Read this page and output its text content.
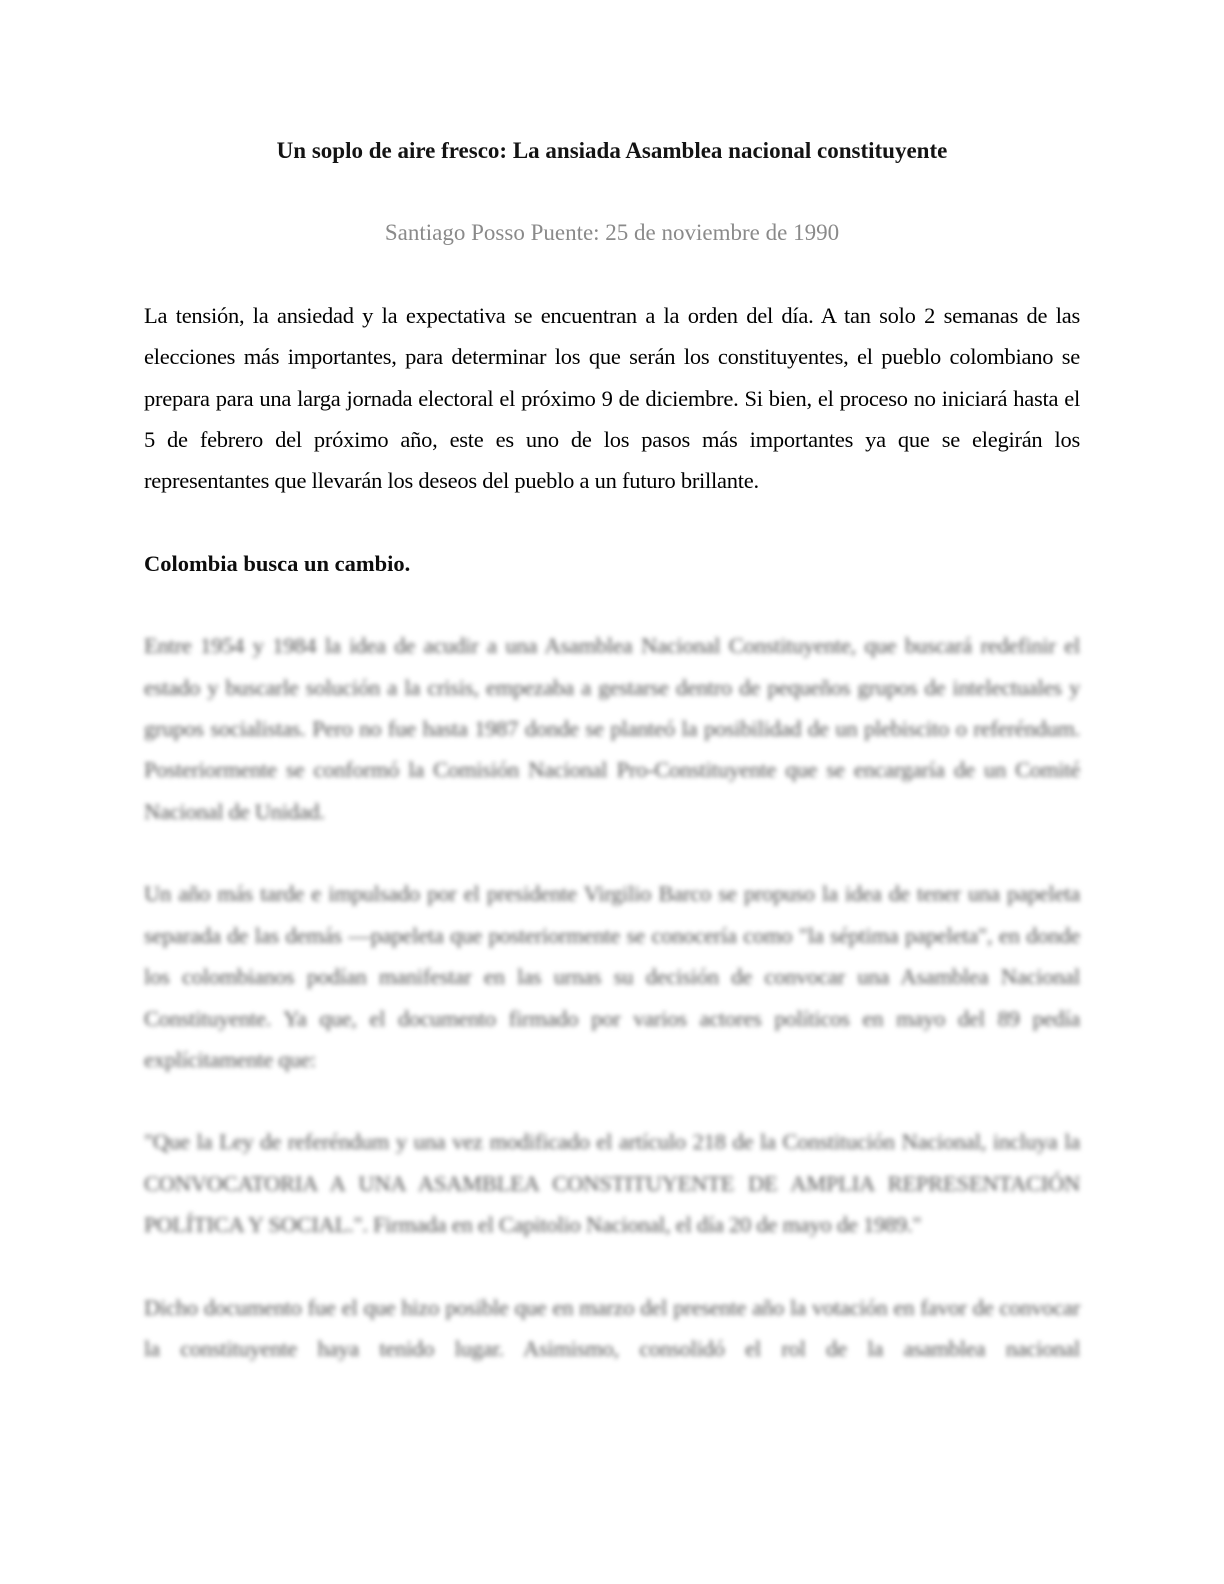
Un soplo de aire fresco: La ansiada Asamblea nacional constituyente

Santiago Posso Puente: 25 de noviembre de 1990

La tensión, la ansiedad y la expectativa se encuentran a la orden del día. A tan solo 2 semanas de las elecciones más importantes, para determinar los que serán los constituyentes, el pueblo colombiano se prepara para una larga jornada electoral el próximo 9 de diciembre. Si bien, el proceso no iniciará hasta el 5 de febrero del próximo año, este es uno de los pasos más importantes ya que se elegirán los representantes que llevarán los deseos del pueblo a un futuro brillante.

Colombia busca un cambio.

Entre 1954 y 1984 la idea de acudir a una Asamblea Nacional Constituyente, que buscará redefinir el estado y buscarle solución a la crisis, empezaba a gestarse dentro de pequeños grupos de intelectuales y grupos socialistas. Pero no fue hasta 1987 donde se planteó la posibilidad de un plebiscito o referéndum. Posteriormente se conformó la Comisión Nacional Pro-Constituyente que se encargaría de un Comité Nacional de Unidad.

Un año más tarde e impulsado por el presidente Virgilio Barco se propuso la idea de tener una papeleta separada de las demás —papeleta que posteriormente se conocería como "la séptima papeleta", en donde los colombianos podían manifestar en las urnas su decisión de convocar una Asamblea Nacional Constituyente. Ya que, el documento firmado por varios actores políticos en mayo del 89 pedía explícitamente que:

"Que la Ley de referéndum y una vez modificado el artículo 218 de la Constitución Nacional, incluya la CONVOCATORIA A UNA ASAMBLEA CONSTITUYENTE DE AMPLIA REPRESENTACIÓN POLÍTICA Y SOCIAL.". Firmada en el Capitolio Nacional, el día 20 de mayo de 1989."

Dicho documento fue el que hizo posible que en marzo del presente año la votación en favor de convocar la constituyente haya tenido lugar. Asimismo, consolidó el rol de la asamblea nacional
